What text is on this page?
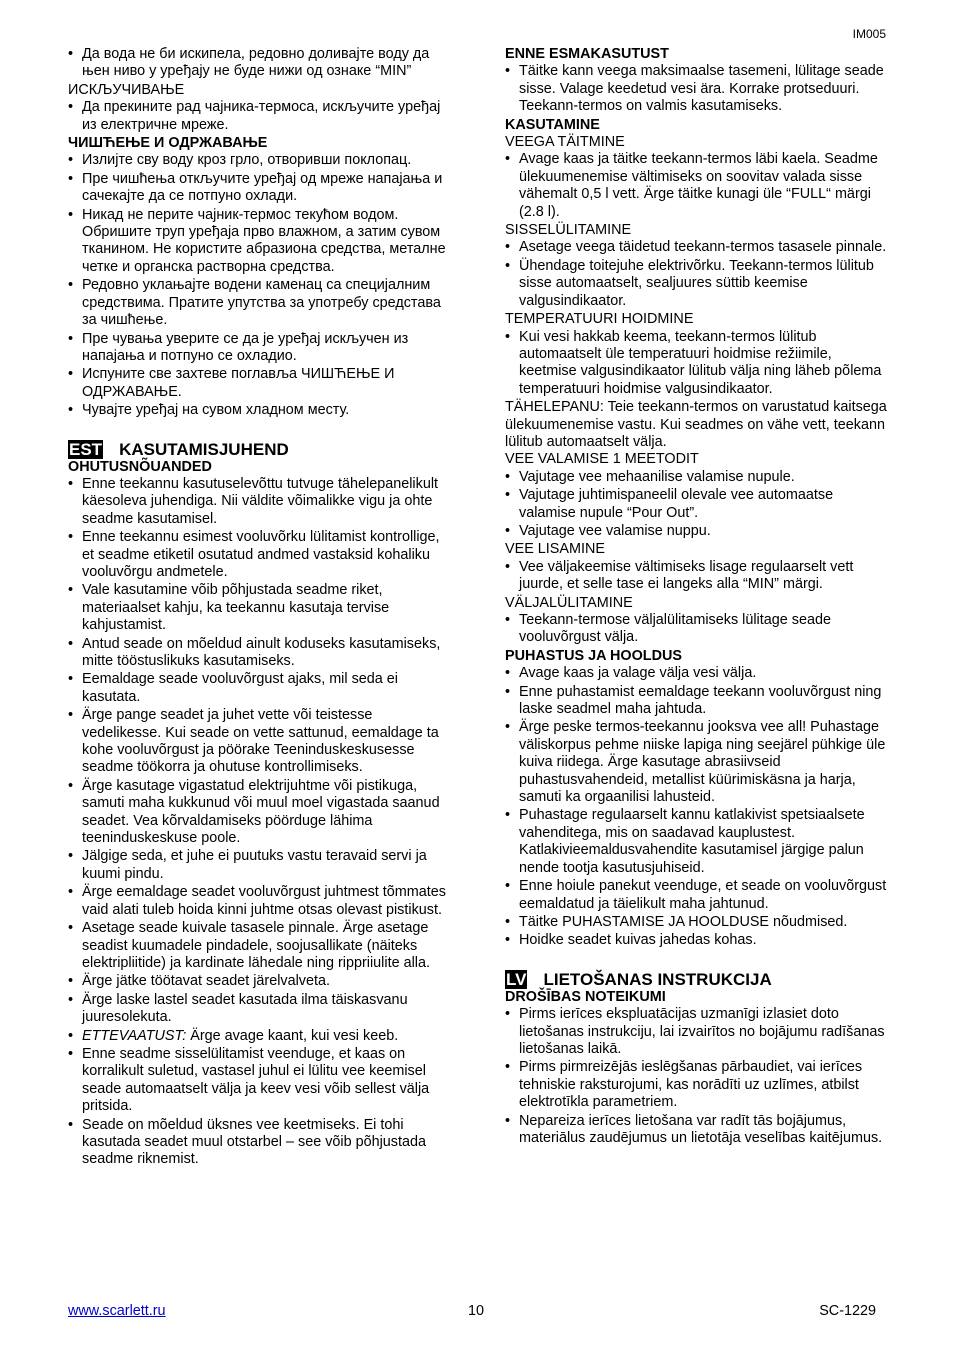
IM005
• Да вода не би искипела, редовно доливајте воду да њен ниво у уређају не буде нижи од ознаке “MIN”
ИСКЉУЧИВАЊЕ
• Да прекините рад чајника-термоса, искључите уређај из електричне мреже.
ЧИШЋЕЊЕ И ОДРЖАВАЊЕ
• Излијте сву воду кроз грло, отворивши поклопац.
• Пре чишћења откључите уређај од мреже напајања и сачекајте да се потпуно охлади.
• Никад не перите чајник-термос текућом водом. Обришите труп уређаја прво влажном, а затим сувом тканином. Не користите абразиона средства, металне четке и органска растворна средства.
• Редовно уклањајте водени каменац са специјалним средствима. Пратите упутства за употребу средстава за чишћење.
• Пре чувања уверите се да је уређај искључен из напајања и потпуно се охладио.
• Испуните све захтеве поглавља ЧИШЋЕЊЕ И ОДРЖАВАЊЕ.
• Чувајте уређај на сувом хладном месту.
EST KASUTAMISJUHEND
OHUTUSNÕUANDED
• Enne teekannu kasutuselevõttu tutvuge tähelepanelikult käesoleva juhendiga. Nii väldite võimalikke vigu ja ohte seadme kasutamisel.
• Enne teekannu esimest vooluvõrku lülitamist kontrollige, et seadme etiketil osutatud andmed vastaksid kohaliku vooluvõrgu andmetele.
• Vale kasutamine võib põhjustada seadme riket, materiaalset kahju, ka teekannu kasutaja tervise kahjustamist.
• Antud seade on mõeldud ainult koduseks kasutamiseks, mitte tööstuslikuks kasutamiseks.
• Eemaldage seade vooluvõrgust ajaks, mil seda ei kasutata.
• Ärge pange seadet ja juhet vette või teistesse vedelikesse. Kui seade on vette sattunud, eemaldage ta kohe vooluvõrgust ja pöörake Teeninduskeskusesse seadme töökorra ja ohutuse kontrollimiseks.
• Ärge kasutage vigastatud elektrijuhtme või pistikuga, samuti maha kukkunud või muul moel vigastada saanud seadet. Vea kõrvaldamiseks pöörduge lähima teeninduskeskuse poole.
• Jälgige seda, et juhe ei puutuks vastu teravaid servi ja kuumi pindu.
• Ärge eemaldage seadet vooluvõrgust juhtmest tõmmates vaid alati tuleb hoida kinni juhtme otsas olevast pistikust.
• Asetage seade kuivale tasasele pinnale. Ärge asetage seadist kuumadele pindadele, soojusallikate (näiteks elektripliitide) ja kardinate lähedale ning rippriiulite alla.
• Ärge jätke töötavat seadet järelvalveta.
• Ärge laske lastel seadet kasutada ilma täiskasvanu juuresolekuta.
• ETTEVAATUST: Ärge avage kaant, kui vesi keeb.
• Enne seadme sisselülitamist veenduge, et kaas on korralikult suletud, vastasel juhul ei lülitu vee keemisel seade automaatselt välja ja keev vesi võib sellest välja pritsida.
• Seade on mõeldud üksnes vee keetmiseks. Ei tohi kasutada seadet muul otstarbel – see võib põhjustada seadme riknemist.
ENNE ESMAKASUTUST
• Täitke kann veega maksimaalse tasemeni, lülitage seade sisse. Valage keedetud vesi ära. Korrake protseduuri. Teekann-termos on valmis kasutamiseks.
KASUTAMINE
VEEGA TÄITMINE
• Avage kaas ja täitke teekann-termos läbi kaela. Seadme ülekuumenemise vältimiseks on soovitav valada sisse vähemalt 0,5 l vett. Ärge täitke kunagi üle “FULL“ märgi (2.8 l).
SISSELÜLITAMINE
• Asetage veega täidetud teekann-termos tasasele pinnale.
• Ühendage toitejuhe elektrivõrku. Teekann-termos lülitub sisse automaatselt, sealjuures süttib keemise valgusindikaator.
TEMPERATUURI HOIDMINE
• Kui vesi hakkab keema, teekann-termos lülitub automaatselt üle temperatuuri hoidmise režiimile, keetmise valgusindikaator lülitub välja ning läheb põlema temperatuuri hoidmise valgusindikaator.
TÄHELEPANU: Teie teekann-termos on varustatud kaitsega ülekuumenemise vastu. Kui seadmes on vähe vett, teekann lülitub automaatselt välja.
VEE VALAMISE 1 MEETODIT
• Vajutage vee mehaanilise valamise nupule.
• Vajutage juhtimispaneelil olevale vee automaatse valamise nupule “Pour Out”.
• Vajutage vee valamise nuppu.
VEE LISAMINE
• Vee väljakeemise vältimiseks lisage regulaarselt vett juurde, et selle tase ei langeks alla “MIN” märgi.
VÄLJALÜLITAMINE
• Teekann-termose väljalülitamiseks lülitage seade vooluvõrgust välja.
PUHASTUS JA HOOLDUS
• Avage kaas ja valage välja vesi välja.
• Enne puhastamist eemaldage teekann vooluvõrgust ning laske seadmel maha jahtuda.
• Ärge peske termos-teekannu jooksva vee all! Puhastage väliskorpus pehme niiske lapiga ning seejärel pühkige üle kuiva riidega. Ärge kasutage abrasiivseid puhastusvahendeid, metallist küürimiskäsna ja harja, samuti ka orgaanilisi lahusteid.
• Puhastage regulaarselt kannu katlakivist spetsiaalsete vahenditega, mis on saadavad kauplustest. Katlakivieemaldusvahendite kasutamisel järgige palun nende tootja kasutusjuhiseid.
• Enne hoiule panekut veenduge, et seade on vooluvõrgust eemaldatud ja täielikult maha jahtunud.
• Täitke PUHASTAMISE JA HOOLDUSE nõudmised.
• Hoidke seadet kuivas jahedas kohas.
LV LIETOŠANAS INSTRUKCIJA
DROŠĪBAS NOTEIKUMI
• Pirms ierīces ekspluatācijas uzmanīgi izlasiet doto lietošanas instrukciju, lai izvairītos no bojājumu radīšanas lietošanas laikā.
• Pirms pirmreizējās ieslēgšanas pārbaudiet, vai ierīces tehniskie raksturojumi, kas norādīti uz uzlīmes, atbilst elektrotīkla parametriem.
• Nepareiza ierīces lietošana var radīt tās bojājumus, materiālus zaudējumus un lietotāja veselības kaitējumus.
www.scarlett.ru	10	SC-1229
